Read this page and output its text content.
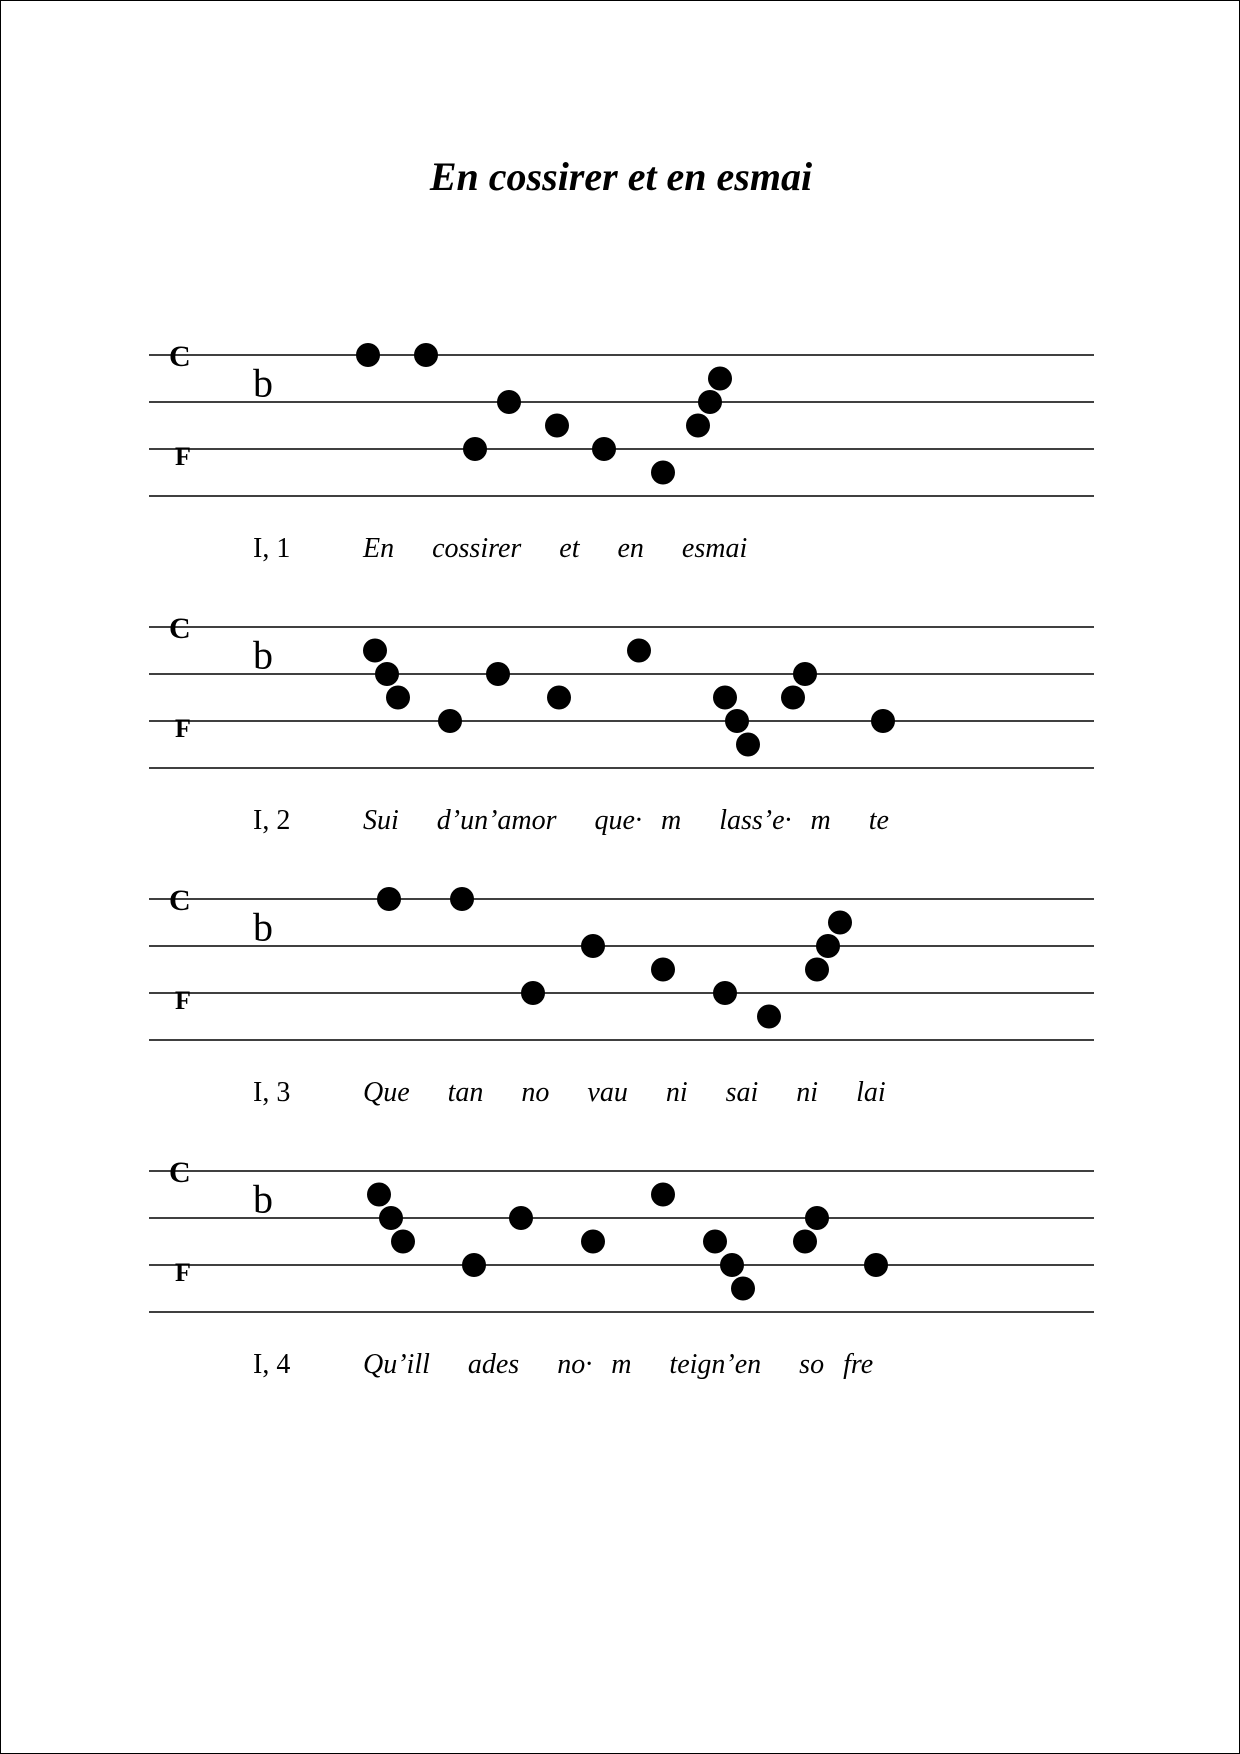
En cossirer et en esmai
C
F
b
I, 1	En  cossirer  et  en  esmai
C
F
b
I, 2	Sui  d’un’amor  que· m  lass’e· m  te
C
F
b
I, 3	Que  tan  no  vau  ni  sai  ni  lai
C
F
b
I, 4	Qu’ill  ades  no· m  teign’en  so fre
